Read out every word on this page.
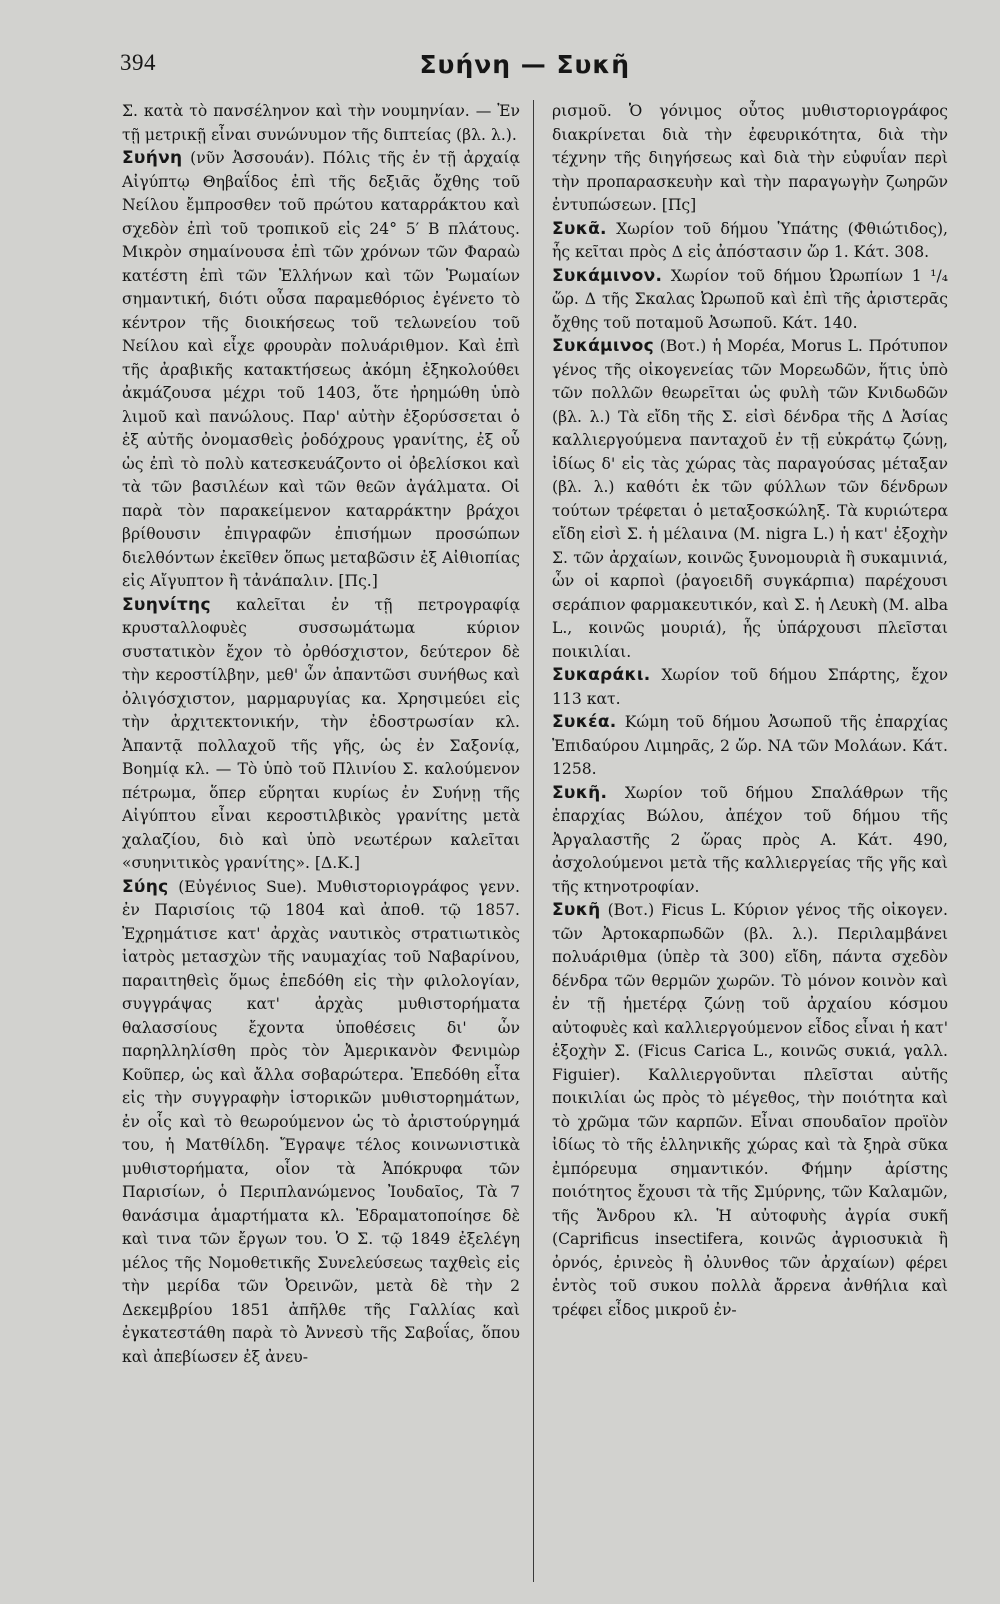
394	Συήνη — Συκῆ

Σ. κατὰ τὸ πανσέληνον καὶ τὴν νουμηνίαν. — Ἐν τῇ μετρικῇ εἶναι συνώνυμον τῆς διπτείας (βλ. λ.).

Συήνη (νῦν Ἀσσουάν). Πόλις τῆς ἐν τῇ ἀρχαίᾳ Αἰγύπτῳ Θηβαΐδος ἐπὶ τῆς δεξιᾶς ὄχθης τοῦ Νείλου ἔμπροσθεν τοῦ πρώτου καταρράκτου καὶ σχεδὸν ἐπὶ τοῦ τροπικοῦ εἰς 24° 5′ Β πλάτους. Μικρὸν σημαίνουσα ἐπὶ τῶν χρόνων τῶν Φαραὼ κατέστη ἐπὶ τῶν Ἑλλήνων καὶ τῶν Ῥωμαίων σημαντική, διότι οὖσα παραμεθόριος ἐγένετο τὸ κέντρον τῆς διοικήσεως τοῦ τελωνείου τοῦ Νείλου καὶ εἶχε φρουρὰν πολυάριθμον. Καὶ ἐπὶ τῆς ἀραβικῆς κατακτήσεως ἀκόμη ἐξηκολούθει ἀκμάζουσα μέχρι τοῦ 1403, ὅτε ἠρημώθη ὑπὸ λιμοῦ καὶ πανώλους. Παρ' αὐτὴν ἐξορύσσεται ὁ ἐξ αὐτῆς ὀνομασθεὶς ῥοδόχρους γρανίτης, ἐξ οὗ ὡς ἐπὶ τὸ πολὺ κατεσκευάζοντο οἱ ὀβελίσκοι καὶ τὰ τῶν βασιλέων καὶ τῶν θεῶν ἀγάλματα. Οἱ παρὰ τὸν παρακείμενον καταρράκτην βράχοι βρίθουσιν ἐπιγραφῶν ἐπισήμων προσώπων διελθόντων ἐκεῖθεν ὅπως μεταβῶσιν ἐξ Αἰθιοπίας εἰς Αἴγυπτον ἢ τἀνάπαλιν. [Πς.]

Συηνίτης καλεῖται ἐν τῇ πετρογραφίᾳ κρυσταλλοφυὲς συσσωμάτωμα κύριον συστατικὸν ἔχον τὸ ὀρθόσχιστον, δεύτερον δὲ τὴν κεροστίλβην, μεθ' ὧν ἀπαντῶσι συνήθως καὶ ὀλιγόσχιστον, μαρμαρυγίας κα. Χρησιμεύει εἰς τὴν ἀρχιτεκτονικήν, τὴν ἐδοστρωσίαν κλ. Ἀπαντᾷ πολλαχοῦ τῆς γῆς, ὡς ἐν Σαξονίᾳ, Βοημίᾳ κλ. — Τὸ ὑπὸ τοῦ Πλινίου Σ. καλούμενον πέτρωμα, ὅπερ εὕρηται κυρίως ἐν Συήνῃ τῆς Αἰγύπτου εἶναι κεροστιλβικὸς γρανίτης μετὰ χαλαζίου, διὸ καὶ ὑπὸ νεωτέρων καλεῖται «συηνιτικὸς γρανίτης». [Δ.Κ.]

Σύης (Εὐγένιος Sue). Μυθιστοριογράφος γενν. ἐν Παρισίοις τῷ 1804 καὶ ἀποθ. τῷ 1857. Ἐχρημάτισε κατ' ἀρχὰς ναυτικὸς στρατιωτικὸς ἰατρὸς μετασχὼν τῆς ναυμαχίας τοῦ Ναβαρίνου, παραιτηθεὶς ὅμως ἐπεδόθη εἰς τὴν φιλολογίαν, συγγράψας κατ' ἀρχὰς μυθιστορήματα θαλασσίους ἔχοντα ὑποθέσεις δι' ὧν παρηλληλίσθη πρὸς τὸν Ἀμερικανὸν Φενιμὼρ Κοῦπερ, ὡς καὶ ἄλλα σοβαρώτερα. Ἐπεδόθη εἶτα εἰς τὴν συγγραφὴν ἱστορικῶν μυθιστορημάτων, ἐν οἷς καὶ τὸ θεωρούμενον ὡς τὸ ἀριστούργημά του, ἡ Ματθίλδη. Ἔγραψε τέλος κοινωνιστικὰ μυθιστορήματα, οἷον τὰ Ἀπόκρυφα τῶν Παρισίων, ὁ Περιπλανώμενος Ἰουδαῖος, Τὰ 7 θανάσιμα ἁμαρτήματα κλ. Ἐδραματοποίησε δὲ καὶ τινα τῶν ἔργων του. Ὁ Σ. τῷ 1849 ἐξελέγη μέλος τῆς Νομοθετικῆς Συνελεύσεως ταχθεὶς εἰς τὴν μερίδα τῶν Ὀρεινῶν, μετὰ δὲ τὴν 2 Δεκεμβρίου 1851 ἀπῆλθε τῆς Γαλλίας καὶ ἐγκατεστάθη παρὰ τὸ Ἀννεσὺ τῆς Σαβοΐας, ὅπου καὶ ἀπεβίωσεν ἐξ ἀνευ-

ρισμοῦ. Ὁ γόνιμος οὗτος μυθιστοριογράφος διακρίνεται διὰ τὴν ἐφευρικότητα, διὰ τὴν τέχνην τῆς διηγήσεως καὶ διὰ τὴν εὐφυΐαν περὶ τὴν προπαρασκευὴν καὶ τὴν παραγωγὴν ζωηρῶν ἐντυπώσεων. [Πς]

Συκᾶ. Χωρίον τοῦ δήμου Ὑπάτης (Φθιώτιδος), ἧς κεῖται πρὸς Δ εἰς ἀπόστασιν ὥρ 1. Κάτ. 308.

Συκάμινον. Χωρίον τοῦ δήμου Ὠρωπίων 1 ¹/₄ ὥρ. Δ τῆς Σκαλας Ὠρωποῦ καὶ ἐπὶ τῆς ἀριστερᾶς ὄχθης τοῦ ποταμοῦ Ἀσωποῦ. Κάτ. 140.

Συκάμινος (Βοτ.) ἡ Μορέα, Morus L. Πρότυπον γένος τῆς οἰκογενείας τῶν Μορεωδῶν, ἥτις ὑπὸ τῶν πολλῶν θεωρεῖται ὡς φυλὴ τῶν Κνιδωδῶν (βλ. λ.) Τὰ εἴδη τῆς Σ. εἰσὶ δένδρα τῆς Δ Ἀσίας καλλιεργούμενα πανταχοῦ ἐν τῇ εὐκράτῳ ζώνῃ, ἰδίως δ' εἰς τὰς χώρας τὰς παραγούσας μέταξαν (βλ. λ.) καθότι ἐκ τῶν φύλλων τῶν δένδρων τούτων τρέφεται ὁ μεταξοσκώληξ. Τὰ κυριώτερα εἴδη εἰσὶ Σ. ἡ μέλαινα (M. nigra L.) ἡ κατ' ἐξοχὴν Σ. τῶν ἀρχαίων, κοινῶς ξυνομουριὰ ἢ συκαμινιά, ὧν οἱ καρποὶ (ῥαγοειδῆ συγκάρπια) παρέχουσι σεράπιον φαρμακευτικόν, καὶ Σ. ἡ Λευκὴ (M. alba L., κοινῶς μουριά), ἧς ὑπάρχουσι πλεῖσται ποικιλίαι.

Συκαράκι. Χωρίον τοῦ δήμου Σπάρτης, ἔχον 113 κατ.

Συκέα. Κώμη τοῦ δήμου Ἀσωποῦ τῆς ἐπαρχίας Ἐπιδαύρου Λιμηρᾶς, 2 ὥρ. ΝΑ τῶν Μολάων. Κάτ. 1258.

Συκῆ. Χωρίον τοῦ δήμου Σπαλάθρων τῆς ἐπαρχίας Βώλου, ἀπέχον τοῦ δήμου τῆς Ἀργαλαστῆς 2 ὥρας πρὸς Α. Κάτ. 490, ἀσχολούμενοι μετὰ τῆς καλλιεργείας τῆς γῆς καὶ τῆς κτηνοτροφίαν.

Συκῆ (Βοτ.) Ficus L. Κύριον γένος τῆς οἰκογεν. τῶν Ἀρτοκαρπωδῶν (βλ. λ.). Περιλαμβάνει πολυάριθμα (ὑπὲρ τὰ 300) εἴδη, πάντα σχεδὸν δένδρα τῶν θερμῶν χωρῶν. Τὸ μόνον κοινὸν καὶ ἐν τῇ ἡμετέρᾳ ζώνῃ τοῦ ἀρχαίου κόσμου αὐτοφυὲς καὶ καλλιεργούμενον εἶδος εἶναι ἡ κατ' ἐξοχὴν Σ. (Ficus Carica L., κοινῶς συκιά, γαλλ. Figuier). Καλλιεργοῦνται πλεῖσται αὐτῆς ποικιλίαι ὡς πρὸς τὸ μέγεθος, τὴν ποιότητα καὶ τὸ χρῶμα τῶν καρπῶν. Εἶναι σπουδαῖον προϊὸν ἰδίως τὸ τῆς ἑλληνικῆς χώρας καὶ τὰ ξηρὰ σῦκα ἐμπόρευμα σημαντικόν. Φήμην ἀρίστης ποιότητος ἔχουσι τὰ τῆς Σμύρνης, τῶν Καλαμῶν, τῆς Ἄνδρου κλ. Ἡ αὐτοφυὴς ἀγρία συκῆ (Caprificus insectifera, κοινῶς ἀγριοσυκιὰ ἢ ὀρνός, ἐρινεὸς ἢ ὀλυνθος τῶν ἀρχαίων) φέρει ἐντὸς τοῦ συκου πολλὰ ἄρρενα ἀνθήλια καὶ τρέφει εἶδος μικροῦ ἐν-
